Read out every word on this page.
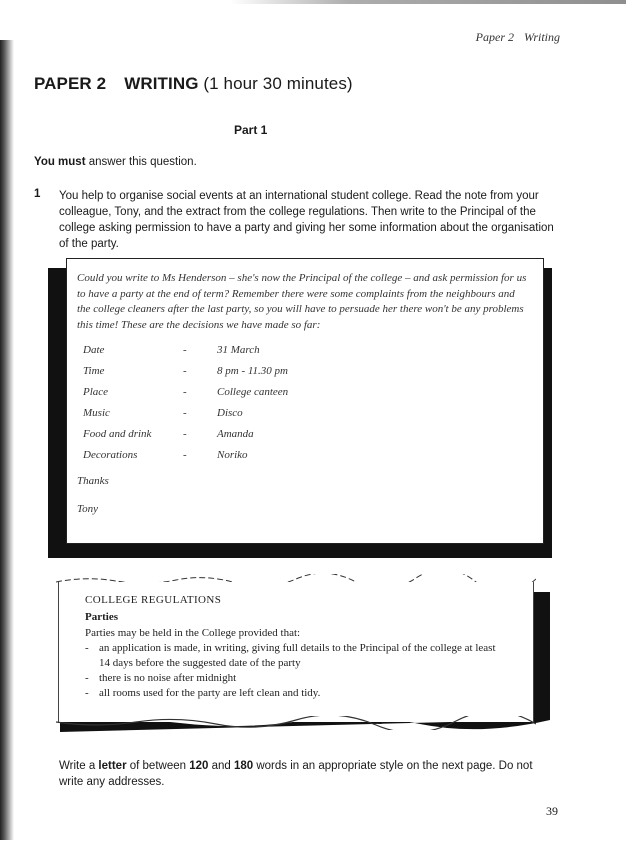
Paper 2 Writing
PAPER 2 WRITING (1 hour 30 minutes)
Part 1
You must answer this question.
1 You help to organise social events at an international student college. Read the note from your colleague, Tony, and the extract from the college regulations. Then write to the Principal of the college asking permission to have a party and giving her some information about the organisation of the party.
Could you write to Ms Henderson – she's now the Principal of the college – and ask permission for us to have a party at the end of term? Remember there were some complaints from the neighbours and the college cleaners after the last party, so you will have to persuade her there won't be any problems this time! These are the decisions we have made so far:
Date	-	31 March
Time	-	8 pm - 11.30 pm
Place	-	College canteen
Music	-	Disco
Food and drink	-	Amanda
Decorations	-	Noriko
Thanks
Tony
COLLEGE REGULATIONS
Parties
Parties may be held in the College provided that:
- an application is made, in writing, giving full details to the Principal of the college at least 14 days before the suggested date of the party
- there is no noise after midnight
- all rooms used for the party are left clean and tidy.
Write a letter of between 120 and 180 words in an appropriate style on the next page. Do not write any addresses.
39
